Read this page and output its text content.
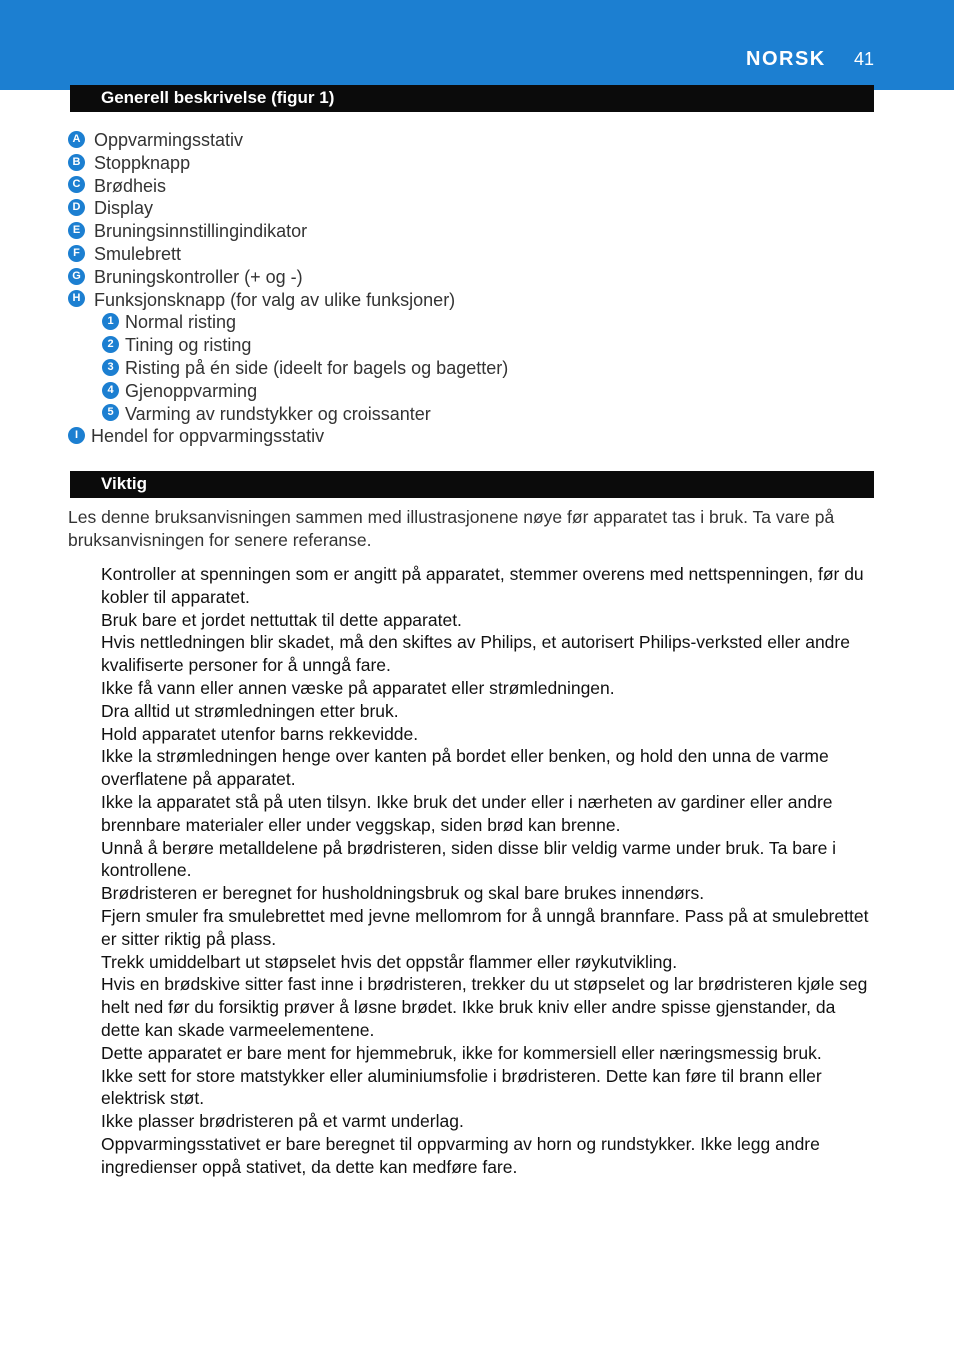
NORSK 41
Generell beskrivelse (figur 1)
A Oppvarmingsstativ
B Stoppknapp
C Brødheis
D Display
E Bruningsinnstillingindikator
F Smulebrett
G Bruningskontroller (+ og -)
H Funksjonsknapp (for valg av ulike funksjoner)
1 Normal risting
2 Tining og risting
3 Risting på én side (ideelt for bagels og bagetter)
4 Gjenoppvarming
5 Varming av rundstykker og croissanter
I Hendel for oppvarmingsstativ
Viktig
Les denne bruksanvisningen sammen med illustrasjonene nøye før apparatet tas i bruk. Ta vare på bruksanvisningen for senere referanse.

Kontroller at spenningen som er angitt på apparatet, stemmer overens med nettspenningen, før du kobler til apparatet.

Bruk bare et jordet nettuttak til dette apparatet.

Hvis nettledningen blir skadet, må den skiftes av Philips, et autorisert Philips-verksted eller andre kvalifiserte personer for å unngå fare.

Ikke få vann eller annen væske på apparatet eller strømledningen.

Dra alltid ut strømledningen etter bruk.

Hold apparatet utenfor barns rekkevidde.

Ikke la strømledningen henge over kanten på bordet eller benken, og hold den unna de varme overflatene på apparatet.

Ikke la apparatet stå på uten tilsyn. Ikke bruk det under eller i nærheten av gardiner eller andre brennbare materialer eller under veggskap, siden brød kan brenne.

Unnå å berøre metalldelene på brødristeren, siden disse blir veldig varme under bruk. Ta bare i kontrollene.

Brødristeren er beregnet for husholdningsbruk og skal bare brukes innendørs.

Fjern smuler fra smulebrettet med jevne mellomrom for å unngå brannfare. Pass på at smulebrettet er sitter riktig på plass.

Trekk umiddelbart ut støpselet hvis det oppstår flammer eller røykutvikling.

Hvis en brødskive sitter fast inne i brødristeren, trekker du ut støpselet og lar brødristeren kjøle seg helt ned før du forsiktig prøver å løsne brødet. Ikke bruk kniv eller andre spisse gjenstander, da dette kan skade varmeelementene.

Dette apparatet er bare ment for hjemmebruk, ikke for kommersiell eller næringsmessig bruk.

Ikke sett for store matstykker eller aluminiumsfolie i brødristeren. Dette kan føre til brann eller elektrisk støt.

Ikke plasser brødristeren på et varmt underlag.

Oppvarmingsstativet er bare beregnet til oppvarming av horn og rundstykker. Ikke legg andre ingredienser oppå stativet, da dette kan medføre fare.
